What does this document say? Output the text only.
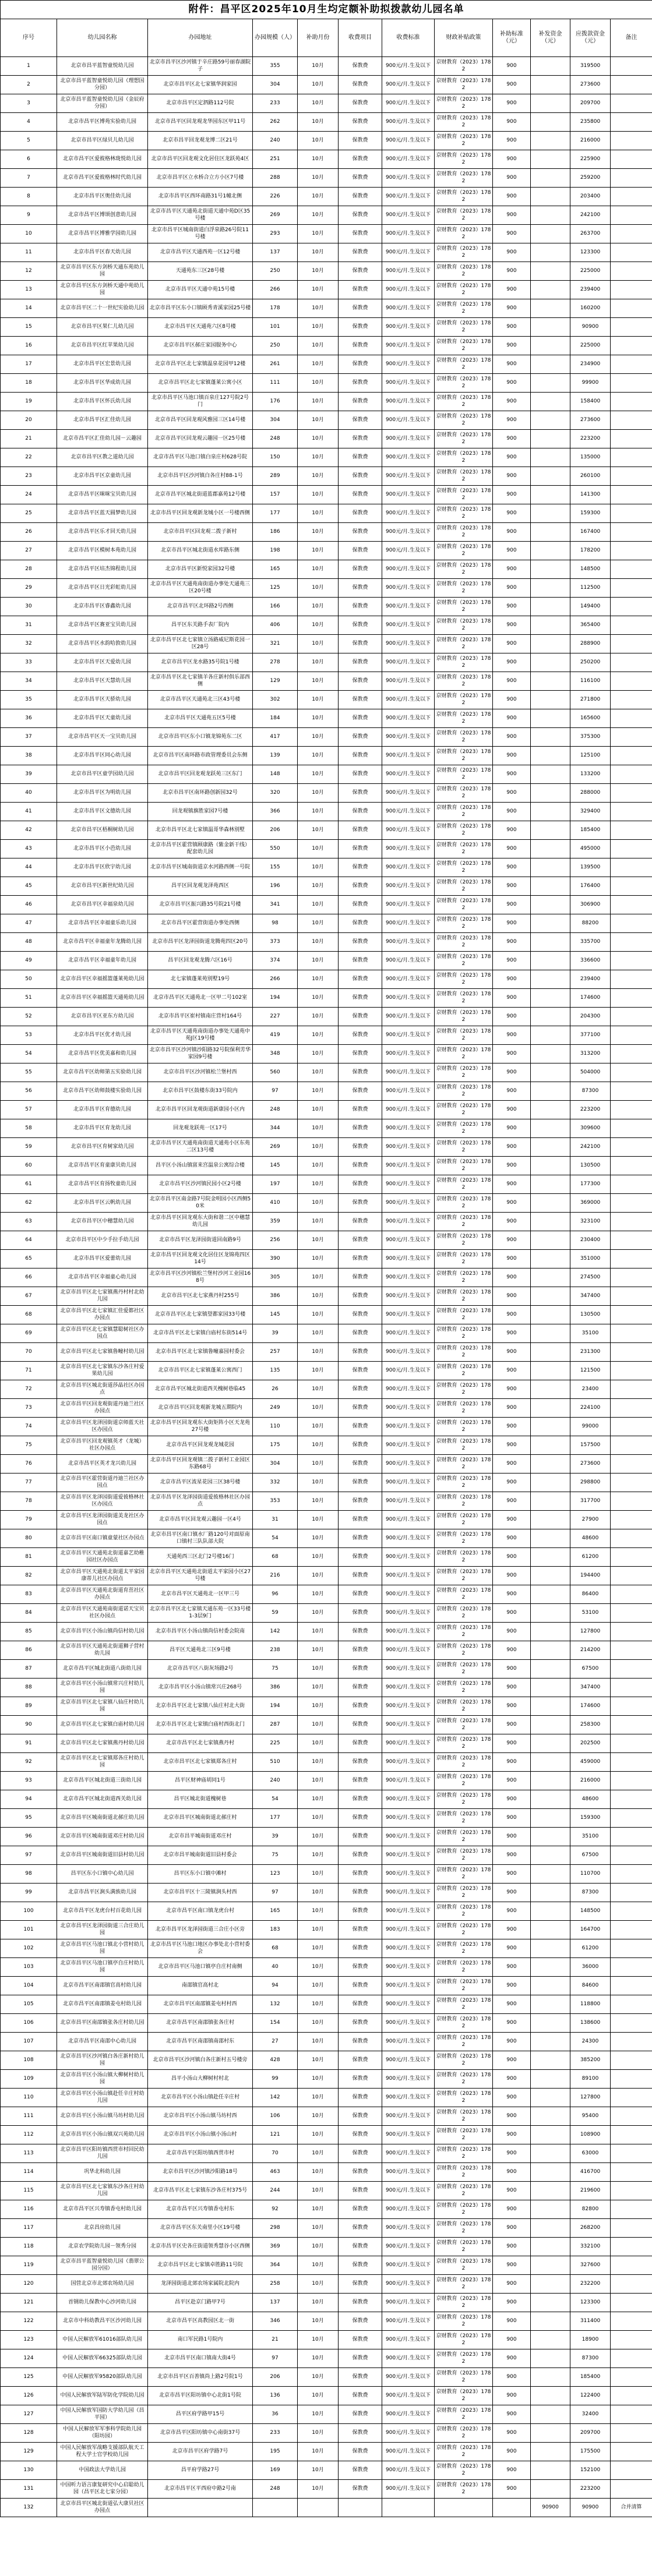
附件：昌平区2025年10月生均定额补助拟拨款幼儿园名单											
序号	幼儿园名称	办园地址	办园规模（人）	补助月份	收费项目	收费标准	财政补贴政策	补助标准（元）	补发资金（元）	应拨款资金（元）	备注
1	北京市昌平蓝智童悦幼儿园	北京市昌平区沙河镇于辛庄路59号丽春湖院子	355	10月	保教费	900元/月.生及以下	京财教育（2023）1782	900		319500	
2	北京市昌平蓝智童悦幼儿园（理想国分园）	北京市昌平区北七家镇华润家园	304	10月	保教费	900元/月.生及以下	京财教育（2023）1782	900		273600	
3	北京市昌平蓝智童悦幼儿园（金辰府分园）	北京市昌平区定泗路112号院	233	10月	保教费	900元/月.生及以下	京财教育（2023）1782	900		209700	
4	北京市昌平区博苑实验幼儿园	北京市昌平区回龙观龙华园东区甲11号	262	10月	保教费	900元/月.生及以下	京财教育（2023）1782	900		235800	
5	北京市昌平区绿贝儿幼儿园	北京市昌平回龙观龙博二区21号	240	10月	保教费	900元/月.生及以下	京财教育（2023）1782	900		216000	
6	北京市昌平区爱彼格林珑悦幼儿园	北京市昌平区回龙观文化居住区龙跃苑4区	251	10月	保教费	900元/月.生及以下	京财教育（2023）1782	900		225900	
7	北京市昌平区爱彼格林时代幼儿园	北京市昌平区立水桥合立方小区7号楼	288	10月	保教费	900元/月.生及以下	京财教育（2023）1782	900		259200	
8	北京市昌平区奥佳幼儿园	北京市昌平区西环南路31号1幢北侧	226	10月	保教费	900元/月.生及以下	京财教育（2023）1782	900		203400	
9	北京市昌平区博颂创意幼儿园	北京市昌平区天通苑北街道天通中苑D区35号楼	269	10月	保教费	900元/月.生及以下	京财教育（2023）1782	900		242100	
10	北京市昌平区博雅学园幼儿园	北京市昌平区城南街道白浮泉路26号院11号楼	293	10月	保教费	900元/月.生及以下	京财教育（2023）1782	900		263700	
11	北京市昌平区春天幼儿园	北京市昌平区天通西苑一区12号楼	137	10月	保教费	900元/月.生及以下	京财教育（2023）1782	900		123300	
12	北京市昌平区东方剑桥天通东苑幼儿园	天通苑东三区28号楼	250	10月	保教费	900元/月.生及以下	京财教育（2023）1782	900		225000	
13	北京市昌平区东方剑桥天通中苑幼儿园	北京市昌平区天通中苑15号楼	266	10月	保教费	900元/月.生及以下	京财教育（2023）1782	900		239400	
14	北京市昌平区二十一世纪实验幼儿园	北京市昌平区东小口镇顾秀青溪家园25号楼	178	10月	保教费	900元/月.生及以下	京财教育（2023）1782	900		160200	
15	北京市昌平区果仁儿幼儿园	北京市昌平区天通苑六区8号楼	101	10月	保教费	900元/月.生及以下	京财教育（2023）1782	900		90900	
16	北京市昌平区红苹果幼儿园	北京市昌平区郝庄家园服务中心	250	10月	保教费	900元/月.生及以下	京财教育（2023）1782	900		225000	
17	北京市昌平区宏景幼儿园	北京市昌平区北七家镇温泉花园甲12楼	261	10月	保教费	900元/月.生及以下	京财教育（2023）1782	900		234900	
18	北京市昌平区华成幼儿园	北京市昌平区北七家镇蓬莱公寓小区	111	10月	保教费	900元/月.生及以下	京财教育（2023）1782	900		99900	
19	北京市昌平区怀氏幼儿园	北京市昌平区马池口镇百泉庄127号院2号门	176	10月	保教费	900元/月.生及以下	京财教育（2023）1782	900		158400	
20	北京市昌平区汇佳幼儿园	北京市昌平区回龙观风雅园三区14号楼	304	10月	保教费	900元/月.生及以下	京财教育（2023）1782	900		273600	
21	北京市昌平区汇佳幼儿园－云趣园	北京市昌平区回龙观云趣园一区25号楼	248	10月	保教费	900元/月.生及以下	京财教育（2023）1782	900		223200	
22	北京市昌平区教之道幼儿园	北京市昌平区马池口镇白泉庄村628号院	150	10月	保教费	900元/月.生及以下	京财教育（2023）1782	900		135000	
23	北京市昌平区京童幼儿园	北京市昌平区沙河镇白各庄村88-1号	289	10月	保教费	900元/月.生及以下	京财教育（2023）1782	900		260100	
24	北京市昌平区咪咪宝贝幼儿园	北京市昌平区城北街道蓝郡嘉苑12号楼	157	10月	保教费	900元/月.生及以下	京财教育（2023）1782	900		141300	
25	北京市昌平区蓝天圆梦幼儿园	北京市昌平区回龙观新龙城小区一号楼西侧	177	10月	保教费	900元/月.生及以下	京财教育（2023）1782	900		159300	
26	北京市昌平区乐才回天幼儿园	北京市昌平区回龙观二拨子新村	186	10月	保教费	900元/月.生及以下	京财教育（2023）1782	900		167400	
27	北京市昌平区模树本苑幼儿园	北京市昌平区城北街道水库路东侧	198	10月	保教费	900元/月.生及以下	京财教育（2023）1782	900		178200	
28	北京市昌平区培杰锦程幼儿园	北京市昌平区新悦家园32号楼	165	10月	保教费	900元/月.生及以下	京财教育（2023）1782	900		148500	
29	北京市昌平区日光彩虹幼儿园	北京市昌平区天通苑南街道办事处天通苑三区20号楼	125	10月	保教费	900元/月.生及以下	京财教育（2023）1782	900		112500	
30	北京市昌平区睿鑫幼儿园	北京市昌平区北环路2号西侧	166	10月	保教费	900元/月.生及以下	京财教育（2023）1782	900		149400	
31	北京市昌平区赛亚宝贝幼儿园	昌平区东关路手表厂院内	406	10月	保教费	900元/月.生及以下	京财教育（2023）1782	900		365400	
32	北京市昌平区水韵哈敦幼儿园	北京市昌平区北七家镇立汤路威尼斯花园一区28号	321	10月	保教费	900元/月.生及以下	京财教育（2023）1782	900		288900	
33	北京市昌平区天爱幼儿园	北京市昌平区龙水路35号院1号楼	278	10月	保教费	900元/月.生及以下	京财教育（2023）1782	900		250200	
34	北京市昌平区天慧幼儿园	北京市昌平区北七家镇羊各庄新村俱乐部西侧	129	10月	保教费	900元/月.生及以下	京财教育（2023）1782	900		116100	
35	北京市昌平区天骄幼儿园	北京市昌平区天通苑北三区43号楼	302	10月	保教费	900元/月.生及以下	京财教育（2023）1782	900		271800	
36	北京市昌平区天童幼儿园	北京市昌平区天通苑五区5号楼	184	10月	保教费	900元/月.生及以下	京财教育（2023）1782	900		165600	
37	北京市昌平区天一宝贝幼儿园	北京市昌平区东小口镇龙锦苑东二区	417	10月	保教费	900元/月.生及以下	京财教育（2023）1782	900		375300	
38	北京市昌平区同心幼儿园	北京市昌平区南环路市政管理委员会东侧	139	10月	保教费	900元/月.生及以下	京财教育（2023）1782	900		125100	
39	北京市昌平区童学园幼儿园	北京市昌平区回龙观龙跃苑三区东门	148	10月	保教费	900元/月.生及以下	京财教育（2023）1782	900		133200	
40	北京市昌平区为明幼儿园	北京市昌平区南环路创新园32号	320	10月	保教费	900元/月.生及以下	京财教育（2023）1782	900		288000	
41	北京市昌平区文德幼儿园	回龙观镇旗胜家园7号楼	366	10月	保教费	900元/月.生及以下	京财教育（2023）1782	900		329400	
42	北京市昌平区梧桐树幼儿园	北京市昌平区北七家镇温哥华森林别墅	206	10月	保教费	900元/月.生及以下	京财教育（2023）1782	900		185400	
43	北京市昌平区小芭幼儿园	北京市昌平区霍营镇顾康路（紫金新干线）配套幼儿园	550	10月	保教费	900元/月.生及以下	京财教育（2023）1782	900		495000	
44	北京市昌平区欣宇幼儿园	北京市昌平区城南街道京水河路西侧一号院	155	10月	保教费	900元/月.生及以下	京财教育（2023）1782	900		139500	
45	北京市昌平区新世纪幼儿园	昌平区回龙观龙泽苑西区	196	10月	保教费	900元/月.生及以下	京财教育（2023）1782	900		176400	
46	北京市昌平区幸福泉幼儿园	北京市昌平区振兴路35号院21号楼	341	10月	保教费	900元/月.生及以下	京财教育（2023）1782	900		306900	
47	北京市昌平区幸福童乐幼儿园	北京市昌平区霍营街道办事处西侧	98	10月	保教费	900元/月.生及以下	京财教育（2023）1782	900		88200	
48	北京市昌平区幸福童年龙腾幼儿园	北京市昌平区龙泽园街道龙腾苑四区20号	373	10月	保教费	900元/月.生及以下	京财教育（2023）1782	900		335700	
49	北京市昌平区幸福童年幼儿园	昌平区回龙观龙腾六区16号	374	10月	保教费	900元/月.生及以下	京财教育（2023）1782	900		336600	
50	北京市昌平区幸福摇篮蓬莱苑幼儿园	北七家镇蓬莱苑别墅19号	266	10月	保教费	900元/月.生及以下	京财教育（2023）1782	900		239400	
51	北京市昌平区幸福摇篮天通苑幼儿园	北京市昌平区天通苑北一区甲二号102室	194	10月	保教费	900元/月.生及以下	京财教育（2023）1782	900		174600	
52	北京市昌平区亚东方幼儿园	北京市昌平区崔村镇南庄营村164号	227	10月	保教费	900元/月.生及以下	京财教育（2023）1782	900		204300	
53	北京市昌平区优才幼儿园	北京市昌平区天通苑南街道办事处天通苑中苑J区19号楼	419	10月	保教费	900元/月.生及以下	京财教育（2023）1782	900		377100	
54	北京市昌平区优美嘉和幼儿园	北京市昌平区沙河镇沙阳路32号院保利芳华家园9号楼	348	10月	保教费	900元/月.生及以下	京财教育（2023）1782	900		313200	
55	北京市昌平区幼师第五实验幼儿园	北京市昌平区沙河镇松兰堡村西	560	10月	保教费	900元/月.生及以下	京财教育（2023）1782	900		504000	
56	北京市昌平区幼师鼓楼实验幼儿园	北京市昌平区鼓楼东街33号院内	97	10月	保教费	900元/月.生及以下	京财教育（2023）1782	900		87300	
57	北京市昌平区育德幼儿园	北京市昌平区回龙观街道新康园小区内	248	10月	保教费	900元/月.生及以下	京财教育（2023）1782	900		223200	
58	北京市昌平区育龙幼儿园	回龙观龙跃苑一区17号	344	10月	保教费	900元/月.生及以下	京财教育（2023）1782	900		309600	
59	北京市昌平区育树家幼儿园	北京市昌平区天通苑南街道天通苑小区东苑二区13号楼	269	10月	保教费	900元/月.生及以下	京财教育（2023）1782	900		242100	
60	北京市昌平区育童康贝幼儿园	昌平区小汤山镇富来宫温泉公寓综合楼	145	10月	保教费	900元/月.生及以下	京财教育（2023）1782	900		130500	
61	北京市昌平区育扬牧童幼儿园	北京市昌平区沙河镇民园小区2号楼	197	10月	保教费	900元/月.生及以下	京财教育（2023）1782	900		177300	
62	北京市昌平区云帆幼儿园	北京市昌平区南金路7号院金明园小区西侧50米	410	10月	保教费	900元/月.生及以下	京财教育（2023）1782	900		369000	
63	北京市昌平区中穗慧幼儿园	北京市昌平区回龙观东大街和谐二区中穗慧幼儿园	359	10月	保教费	900元/月.生及以下	京财教育（2023）1782	900		323100	
64	北京市昌平区中少手拉手幼儿园	北京市昌平区龙泽园街道回南路9号	256	10月	保教费	900元/月.生及以下	京财教育（2023）1782	900		230400	
65	北京市昌平区爱蕾幼儿园	北京市昌平区回龙观文化居住区龙锦苑四区14号	390	10月	保教费	900元/月.生及以下	京财教育（2023）1782	900		351000	
66	北京市昌平区幸福童心幼儿园	北京市昌平区沙河镇松兰堡村沙河工业园168号	305	10月	保教费	900元/月.生及以下	京财教育（2023）1782	900		274500	
67	北京市昌平区北七家镇燕丹村村北幼儿园	北京市昌平区北七家燕丹村255号	386	10月	保教费	900元/月.生及以下	京财教育（2023）1782	900		347400	
68	北京市昌平区北七家镇汇佳爱都社区办园点	北京市昌平区北七家镇望都家园33号楼	145	10月	保教费	900元/月.生及以下	京财教育（2023）1782	900		130500	
69	北京市昌平区北七家镇慧聪树社区办园点	北京市昌平区北七家镇白庙村东街514号	39	10月	保教费	900元/月.生及以下	京财教育（2023）1782	900		35100	
70	北京市昌平区北七家镇鲁疃村幼儿园	北京市昌平区北七家镇鲁疃嘉园村委会	257	10月	保教费	900元/月.生及以下	京财教育（2023）1782	900		231300	
71	北京市昌平区北七家镇东沙各庄村爱果幼儿园	北京市昌平区北七家镇蓬莱公寓西门	135	10月	保教费	900元/月.生及以下	京财教育（2023）1782	900		121500	
72	北京市昌平区城北街道莎晶社区办园点	北京市昌平区城北街道西关槐树巷临45	26	10月	保教费	900元/月.生及以下	京财教育（2023）1782	900		23400	
73	北京市昌平区回龙观街道丹迪兰社区办园点	北京市昌平区回龙观新龙城五期院内	249	10月	保教费	900元/月.生及以下	京财教育（2023）1782	900		224100	
74	北京市昌平区龙泽园街道京师蓝天社区办园点	北京市昌平区回龙观东大街矩阵小区天龙苑27号楼	110	10月	保教费	900元/月.生及以下	京财教育（2023）1782	900		99000	
75	北京市昌平区回龙观镇英才（龙城）社区办园点	北京市昌平区回龙观龙城花园	175	10月	保教费	900元/月.生及以下	京财教育（2023）1782	900		157500	
76	北京市昌平区英才龙兴幼儿园	北京市昌平区回龙观镇二拨子新村工业园区东路68号	304	10月	保教费	900元/月.生及以下	京财教育（2023）1782	900		273600	
77	北京市昌平区霍营街道丹迪兰社区办园点	北京市昌平区流星花园三区38号楼	332	10月	保教费	900元/月.生及以下	京财教育（2023）1782	900		298800	
78	北京市昌平区龙泽园街道爱彼格林社区办园点	北京市昌平区龙泽园街道爱彼格林社区办园点	353	10月	保教费	900元/月.生及以下	京财教育（2023）1782	900		317700	
79	北京市昌平区龙泽园街道美龙社区办园点	北京市昌平区回龙观云趣园一区4号	31	10月	保教费	900元/月.生及以下	京财教育（2023）1782	900		27900	
80	北京市昌平区南口镇童蒙社区办园点	北京市昌平区南口镇水厂路120号对面原南口镇村三队队部大院	54	10月	保教费	900元/月.生及以下	京财教育（2023）1782	900		48600	
81	北京市昌平区天通苑北街道嘉艺幼稚园社区办园点	天通苑西三区北门2号楼16门	68	10月	保教费	900元/月.生及以下	京财教育（2023）1782	900		61200	
82	北京市昌平区天通苑北街道太平家园康蒂儿社区办园点	北京市昌平区天通苑北街道太平家园小区27号楼	216	10月	保教费	900元/月.生及以下	京财教育（2023）1782	900		194400	
83	北京市昌平区天通苑北街道育茁社区办园点	北京市昌平区天通苑北一区甲三号	96	10月	保教费	900元/月.生及以下	京财教育（2023）1782	900		86400	
84	北京市昌平区天通苑南街道诺天宝贝社区办园点	北京市昌平区北七家镇天通东苑一区33号楼1-3层9门	59	10月	保教费	900元/月.生及以下	京财教育（2023）1782	900		53100	
85	北京市昌平区小汤山镇尚信村幼儿园	北京市昌平区小汤山镇尚信村委会院南	142	10月	保教费	900元/月.生及以下	京财教育（2023）1782	900		127800	
86	北京市昌平区天通苑北街道狮子营村幼儿园	昌平区天通苑北三区9号楼	238	10月	保教费	900元/月.生及以下	京财教育（2023）1782	900		214200	
87	北京市昌平区城北街道八街幼儿园	北京市昌平区八街灰场路2号	75	10月	保教费	900元/月.生及以下	京财教育（2023）1782	900		67500	
88	北京市昌平区小汤山镇常兴庄村幼儿园	北京市昌平区小汤山镇常兴庄268号	386	10月	保教费	900元/月.生及以下	京财教育（2023）1782	900		347400	
89	北京市昌平区北七家镇八仙庄村幼儿园	北京市昌平区北七家镇八仙庄村北大街	194	10月	保教费	900元/月.生及以下	京财教育（2023）1782	900		174600	
90	北京市昌平区北七家镇白庙村幼儿园	北京市昌平区北七家镇白庙村西街北门	287	10月	保教费	900元/月.生及以下	京财教育（2023）1782	900		258300	
91	北京市昌平区北七家镇燕丹村幼儿园	北京市昌平区北七家镇燕丹村	225	10月	保教费	900元/月.生及以下	京财教育（2023）1782	900		202500	
92	北京市昌平区北七家镇郑各庄村幼儿园	北京市昌平区北七家镇郑各庄村	510	10月	保教费	900元/月.生及以下	京财教育（2023）1782	900		459000	
93	北京市昌平区城北街道三街幼儿园	昌平区财神庙胡同1号	240	10月	保教费	900元/月.生及以下	京财教育（2023）1782	900		216000	
94	北京市昌平区城北街道西关幼儿园	昌平区城北街道槐树巷	54	10月	保教费	900元/月.生及以下	京财教育（2023）1782	900		48600	
95	北京市昌平区城南街道北郝庄幼儿园	北京市昌平区城南街道北郝庄村	177	10月	保教费	900元/月.生及以下	京财教育（2023）1782	900		159300	
96	北京市昌平区城南街道邓庄村幼儿园	北京市昌平城南街道邓庄村	39	10月	保教费	900元/月.生及以下	京财教育（2023）1782	900		35100	
97	北京市昌平区城南街道旧县村幼儿园	北京市昌平城南街道旧县村委会	75	10月	保教费	900元/月.生及以下	京财教育（2023）1782	900		67500	
98	昌平区东小口镇中心幼儿园	昌平区东小口镇中滩村	123	10月	保教费	900元/月.生及以下	京财教育（2023）1782	900		110700	
99	北京市昌平区涧头满族幼儿园	北京市昌平区十三陵镇涧头村西	97	10月	保教费	900元/月.生及以下	京财教育（2023）1782	900		87300	
100	北京市昌平区龙虎台村百花幼儿园	北京市昌平区南口镇龙虎台村	165	10月	保教费	900元/月.生及以下	京财教育（2023）1782	900		148500	
101	北京市昌平区龙泽园街道三合庄幼儿园	北京市昌平区龙泽园街道三合庄小区旁	183	10月	保教费	900元/月.生及以下	京财教育（2023）1782	900		164700	
102	北京市昌平区马池口镇北小营村幼儿园	北京市昌平区马池口地区办事处北小营村委会	68	10月	保教费	900元/月.生及以下	京财教育（2023）1782	900		61200	
103	北京市昌平区马池口镇亭自庄村幼儿园	北京市昌平区马池口镇亭自庄村南侧	40	10月	保教费	900元/月.生及以下	京财教育（2023）1782	900		36000	
104	北京市昌平区南邵镇官高村幼儿园	南邵镇官高村北	94	10月	保教费	900元/月.生及以下	京财教育（2023）1782	900		84600	
105	北京市昌平区南邵镇姜屯村幼儿园	北京市昌平区南邵镇姜屯村村西	132	10月	保教费	900元/月.生及以下	京财教育（2023）1782	900		118800	
106	北京市昌平区南邵镇张各庄村幼儿园	北京市昌平区南邵镇张各庄村	154	10月	保教费	900元/月.生及以下	京财教育（2023）1782	900		138600	
107	北京市昌平区南邵中心幼儿园	北京市昌平区南邵镇南邵村东	27	10月	保教费	900元/月.生及以下	京财教育（2023）1782	900		24300	
108	北京市昌平区沙河镇白各庄新村幼儿园	北京市昌平区沙河镇白各庄新村五号楼旁	428	10月	保教费	900元/月.生及以下	京财教育（2023）1782	900		385200	
109	北京市昌平区小汤山镇大柳树村幼儿园	昌平小汤山大柳树村村北	99	10月	保教费	900元/月.生及以下	京财教育（2023）1782	900		89100	
110	北京市昌平区小汤山镇赴任辛庄村幼儿园	北京市昌平区小汤山镇赴任辛庄村	142	10月	保教费	900元/月.生及以下	京财教育（2023）1782	900		127800	
111	北京市昌平区小汤山镇马坊村幼儿园	北京市昌平区小汤山镇马坊村西	106	10月	保教费	900元/月.生及以下	京财教育（2023）1782	900		95400	
112	北京市昌平区小汤山镇双兴苑幼儿园	北京市昌平区小汤山镇小汤山村	121	10月	保教费	900元/月.生及以下	京财教育（2023）1782	900		108900	
113	北京市昌平区阳坊镇西贯市村回民幼儿园	北京市昌平区阳坊镇西贯市村	70	10月	保教费	900元/月.生及以下	京财教育（2023）1782	900		63000	
114	巩华北科幼儿园	北京市昌平区沙河镇沙阳路18号	463	10月	保教费	900元/月.生及以下	京财教育（2023）1782	900		416700	
115	北京市昌平区北七家镇东沙各庄村幼儿园	北京市昌平区北七家镇东沙各庄村375号	244	10月	保教费	900元/月.生及以下	京财教育（2023）1782	900		219600	
116	北京市昌平区兴寿镇香屯村幼儿园	北京市昌平区兴寿镇香屯村东	92	10月	保教费	900元/月.生及以下	京财教育（2023）1782	900		82800	
117	北京昌房幼儿园	北京市昌平区东关南里小区19号楼	298	10月	保教费	900元/月.生及以下	京财教育（2023）1782	900		268200	
118	北京农学院幼儿园－领秀分园	北京市昌平区史各庄街道领秀慧谷小区西侧	369	10月	保教费	900元/月.生及以下	京财教育（2023）1782	900		332100	
119	北京市昌平蓝智童悦幼儿园（翡翠公园分园）	北京市昌平区北七家镇卓胜路11号院	364	10月	保教费	900元/月.生及以下	京财教育（2023）1782	900		327600	
120	国营北京市北郊农场幼儿园	龙泽园街道北郊农场家属院北院内	258	10月	保教费	900元/月.生及以下	京财教育（2023）1782	900		232200	
121	首钢幼儿保教中心沙河幼儿园	昌平区赴京门路甲7号	137	10月	保教费	900元/月.生及以下	京财教育（2023）1782	900		123300	
122	北京市中科幼教昌平区沙河幼儿园	北京市昌平区高教园区北一街	346	10月	保教费	900元/月.生及以下	京财教育（2023）1782	900		311400	
123	中国人民解放军61016部队幼儿园	南口军民路1号院内	21	10月	保教费	900元/月.生及以下	京财教育（2023）1782	900		18900	
124	中国人民解放军66325部队幼儿园	北京市昌平区南口镇南大街4号	97	10月	保教费	900元/月.生及以下	京财教育（2023）1782	900		87300	
125	中国人民解放军95820部队幼儿园	北京市昌平区百善镇尚上路2号院1号	206	10月	保教费	900元/月.生及以下	京财教育（2023）1782	900		185400	
126	中国人民解放军陆军防化学院幼儿园	北京市昌平区阳坊镇中心北街1号院	136	10月	保教费	900元/月.生及以下	京财教育（2023）1782	900		122400	
127	中国人民解放军国防大学幼儿园（昌平园）	昌平区府学路甲15号	36	10月	保教费	900元/月.生及以下	京财教育（2023）1782	900		32400	
128	中国人民解放军军事科学院幼儿园（阳坊园）	北京市昌平区阳坊镇中心南街37号	233	10月	保教费	900元/月.生及以下	京财教育（2023）1782	900		209700	
129	中国人民解放军战略支援部队航天工程大学士官学校幼儿园	北京市昌平区府学路7号	195	10月	保教费	900元/月.生及以下	京财教育（2023）1782	900		175500	
130	中国政法大学幼儿园	昌平府学路27号	169	10月	保教费	900元/月.生及以下	京财教育（2023）1782	900		152100	
131	中国听力语言康复研究中心启聪幼儿园（昌平区北七家分园）	北京市昌平区平西府中路2号南	248	10月	保教费	900元/月.生及以下	京财教育（2023）1782	900		223200	
132	北京市昌平区城北街道弘大康贝社区办园点								90900	90900	合并清算
